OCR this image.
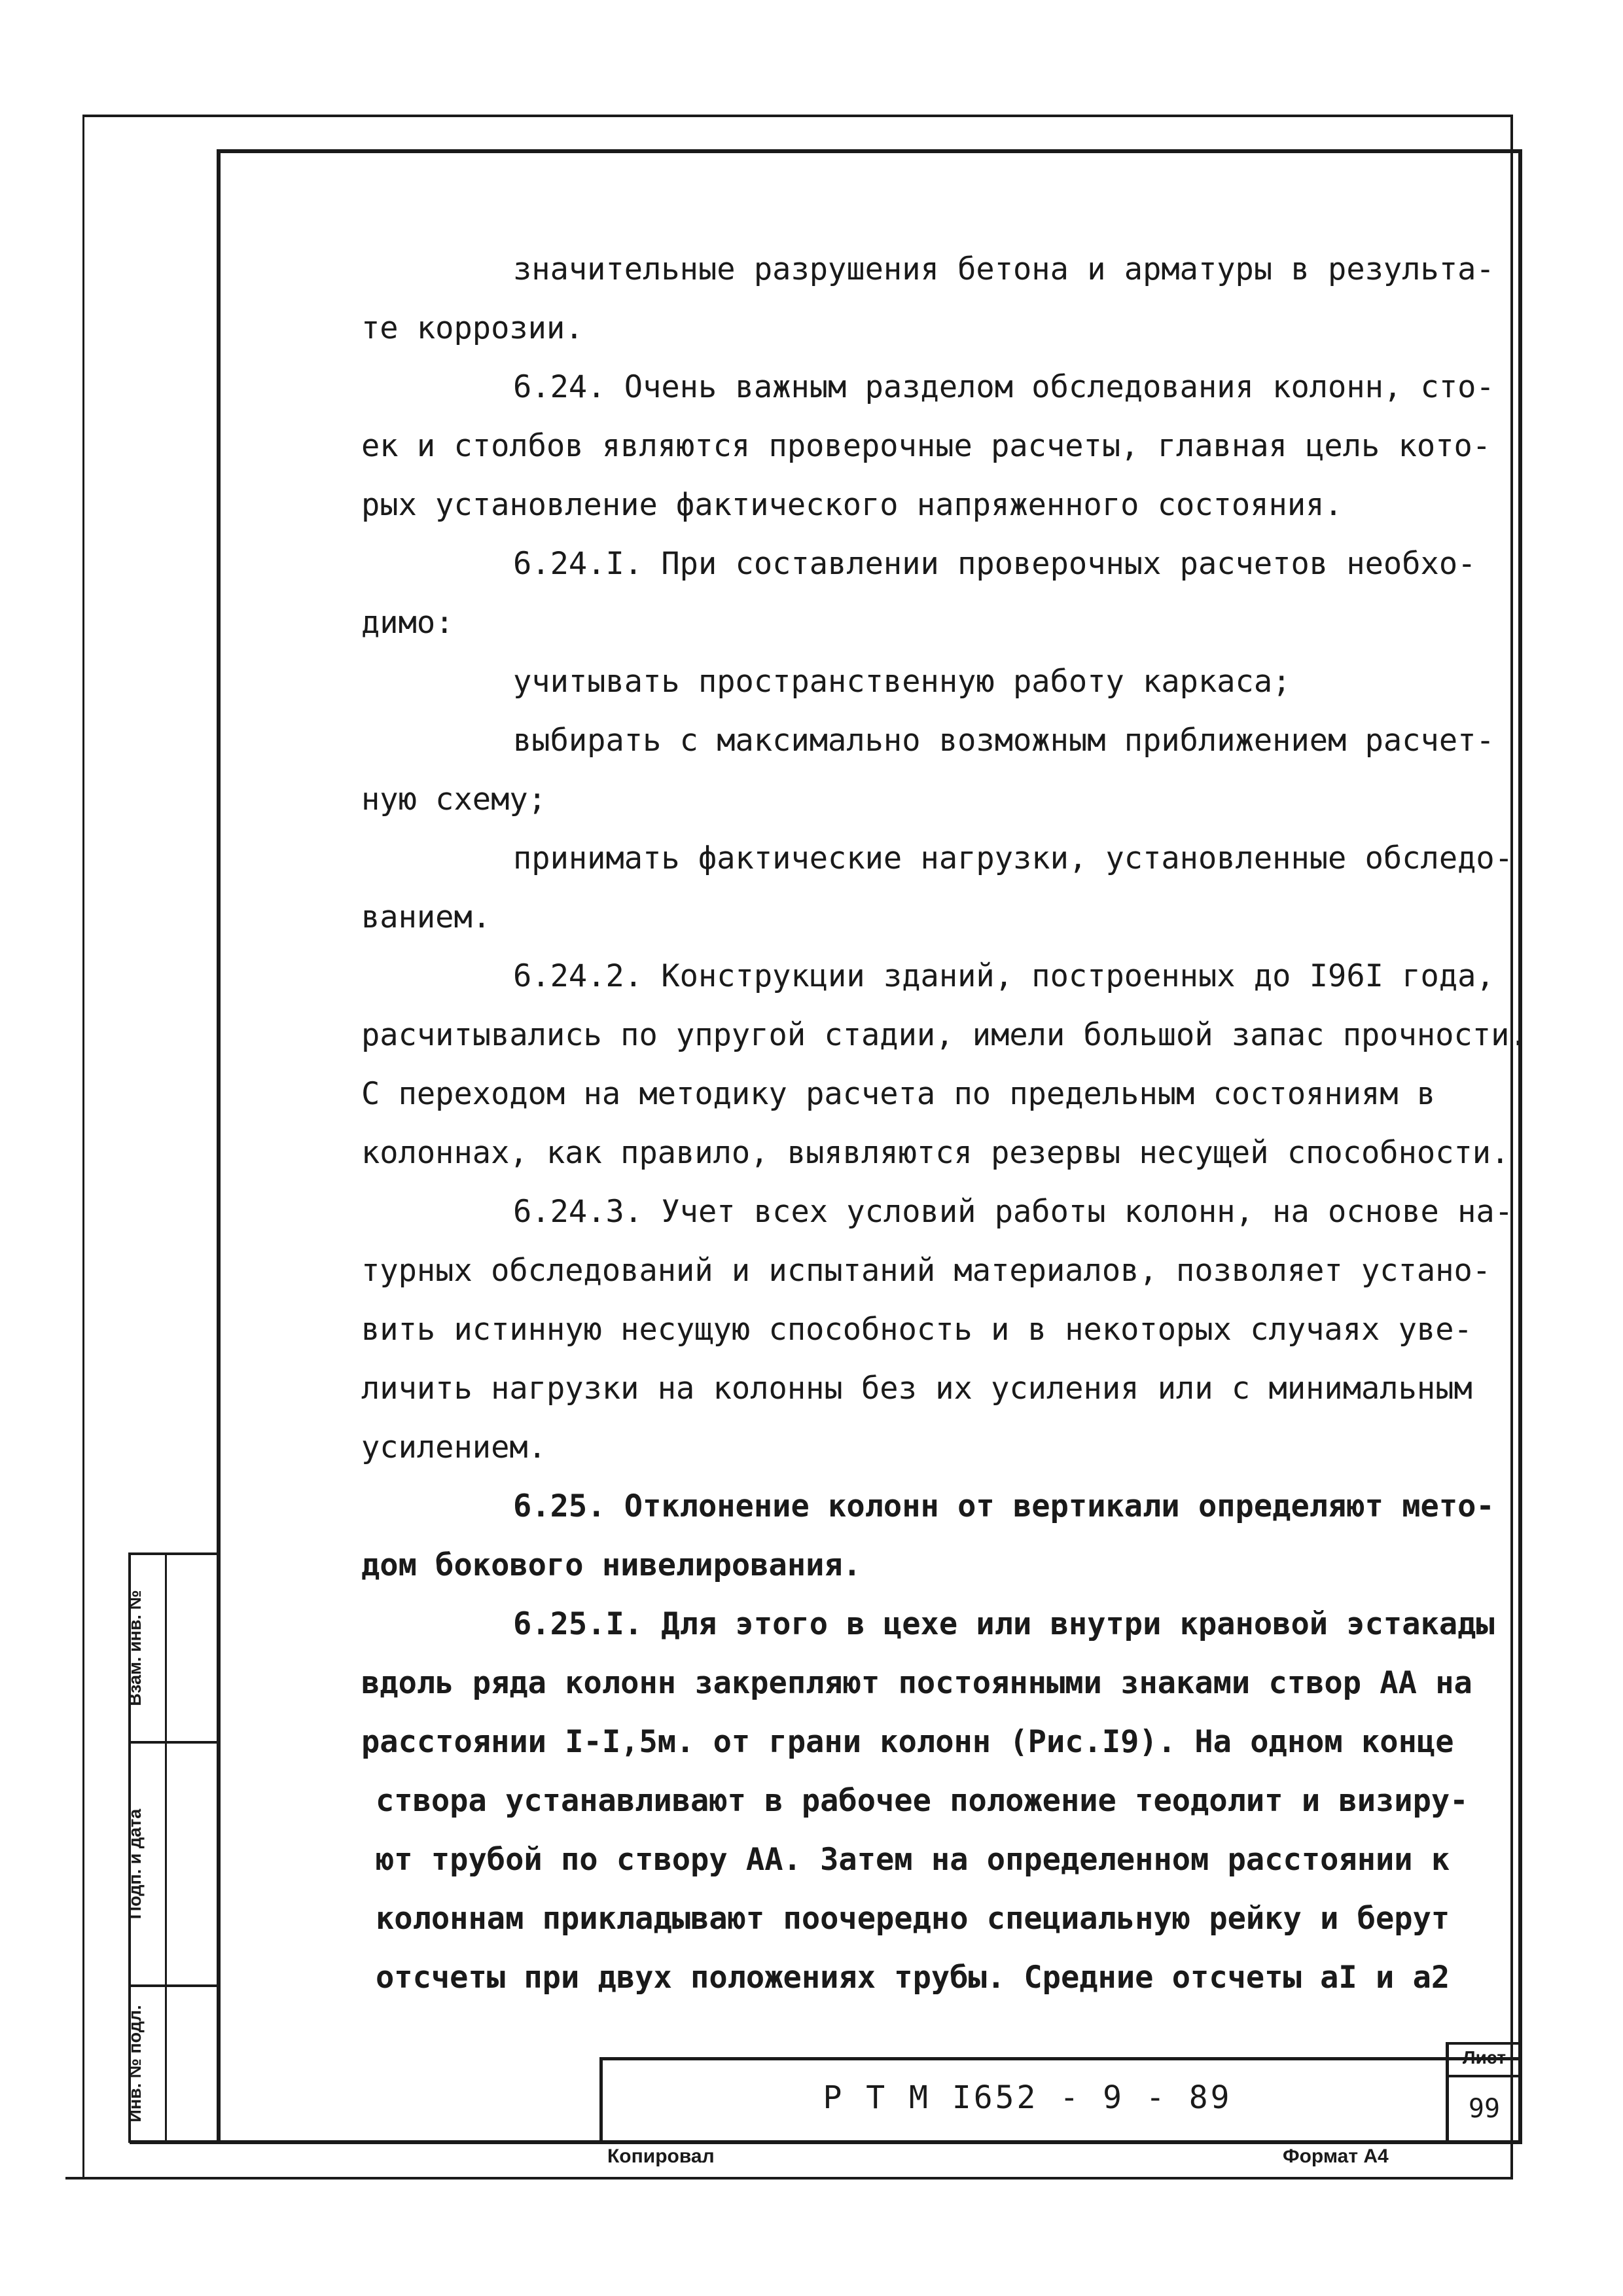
Взам. инв. №
Подп. и дата
Инв. № подл.	Р Т М I652 - 9 - 89
Лист
99
Копировал	Формат А4
значительные разрушения бетона и арматуры в результа-
те коррозии.
6.24. Очень важным разделом обследования колонн, сто-
ек и столбов являются проверочные расчеты, главная цель кото-
рых установление фактического напряженного состояния.
6.24.I. При составлении проверочных расчетов необхо-
димо:
учитывать пространственную работу каркаса;
выбирать с максимально возможным приближением расчет-
ную схему;
принимать фактические нагрузки, установленные обследо-
ванием.
6.24.2. Конструкции зданий, построенных до I96I года,
расчитывались по упругой стадии, имели большой запас прочности.
С переходом на методику расчета по предельным состояниям в
колоннах, как правило, выявляются резервы несущей способности.
6.24.3. Учет всех условий работы колонн, на основе на-
турных обследований и испытаний материалов, позволяет устано-
вить истинную несущую способность и в некоторых случаях уве-
личить нагрузки на колонны без их усиления или с минимальным
усилением.
6.25. Отклонение колонн от вертикали определяют мето-
дом бокового нивелирования.
6.25.I. Для этого в цехе или внутри крановой эстакады
вдоль ряда колонн закрепляют постоянными знаками створ АА на
расстоянии I-I,5м. от грани колонн (Рис.I9). На одном конце
створа устанавливают в рабочее положение теодолит и визиру-
ют трубой по створу АА. Затем на определенном расстоянии к
колоннам прикладывают поочередно специальную рейку и берут
отсчеты при двух положениях трубы. Средние отсчеты аI и а2
